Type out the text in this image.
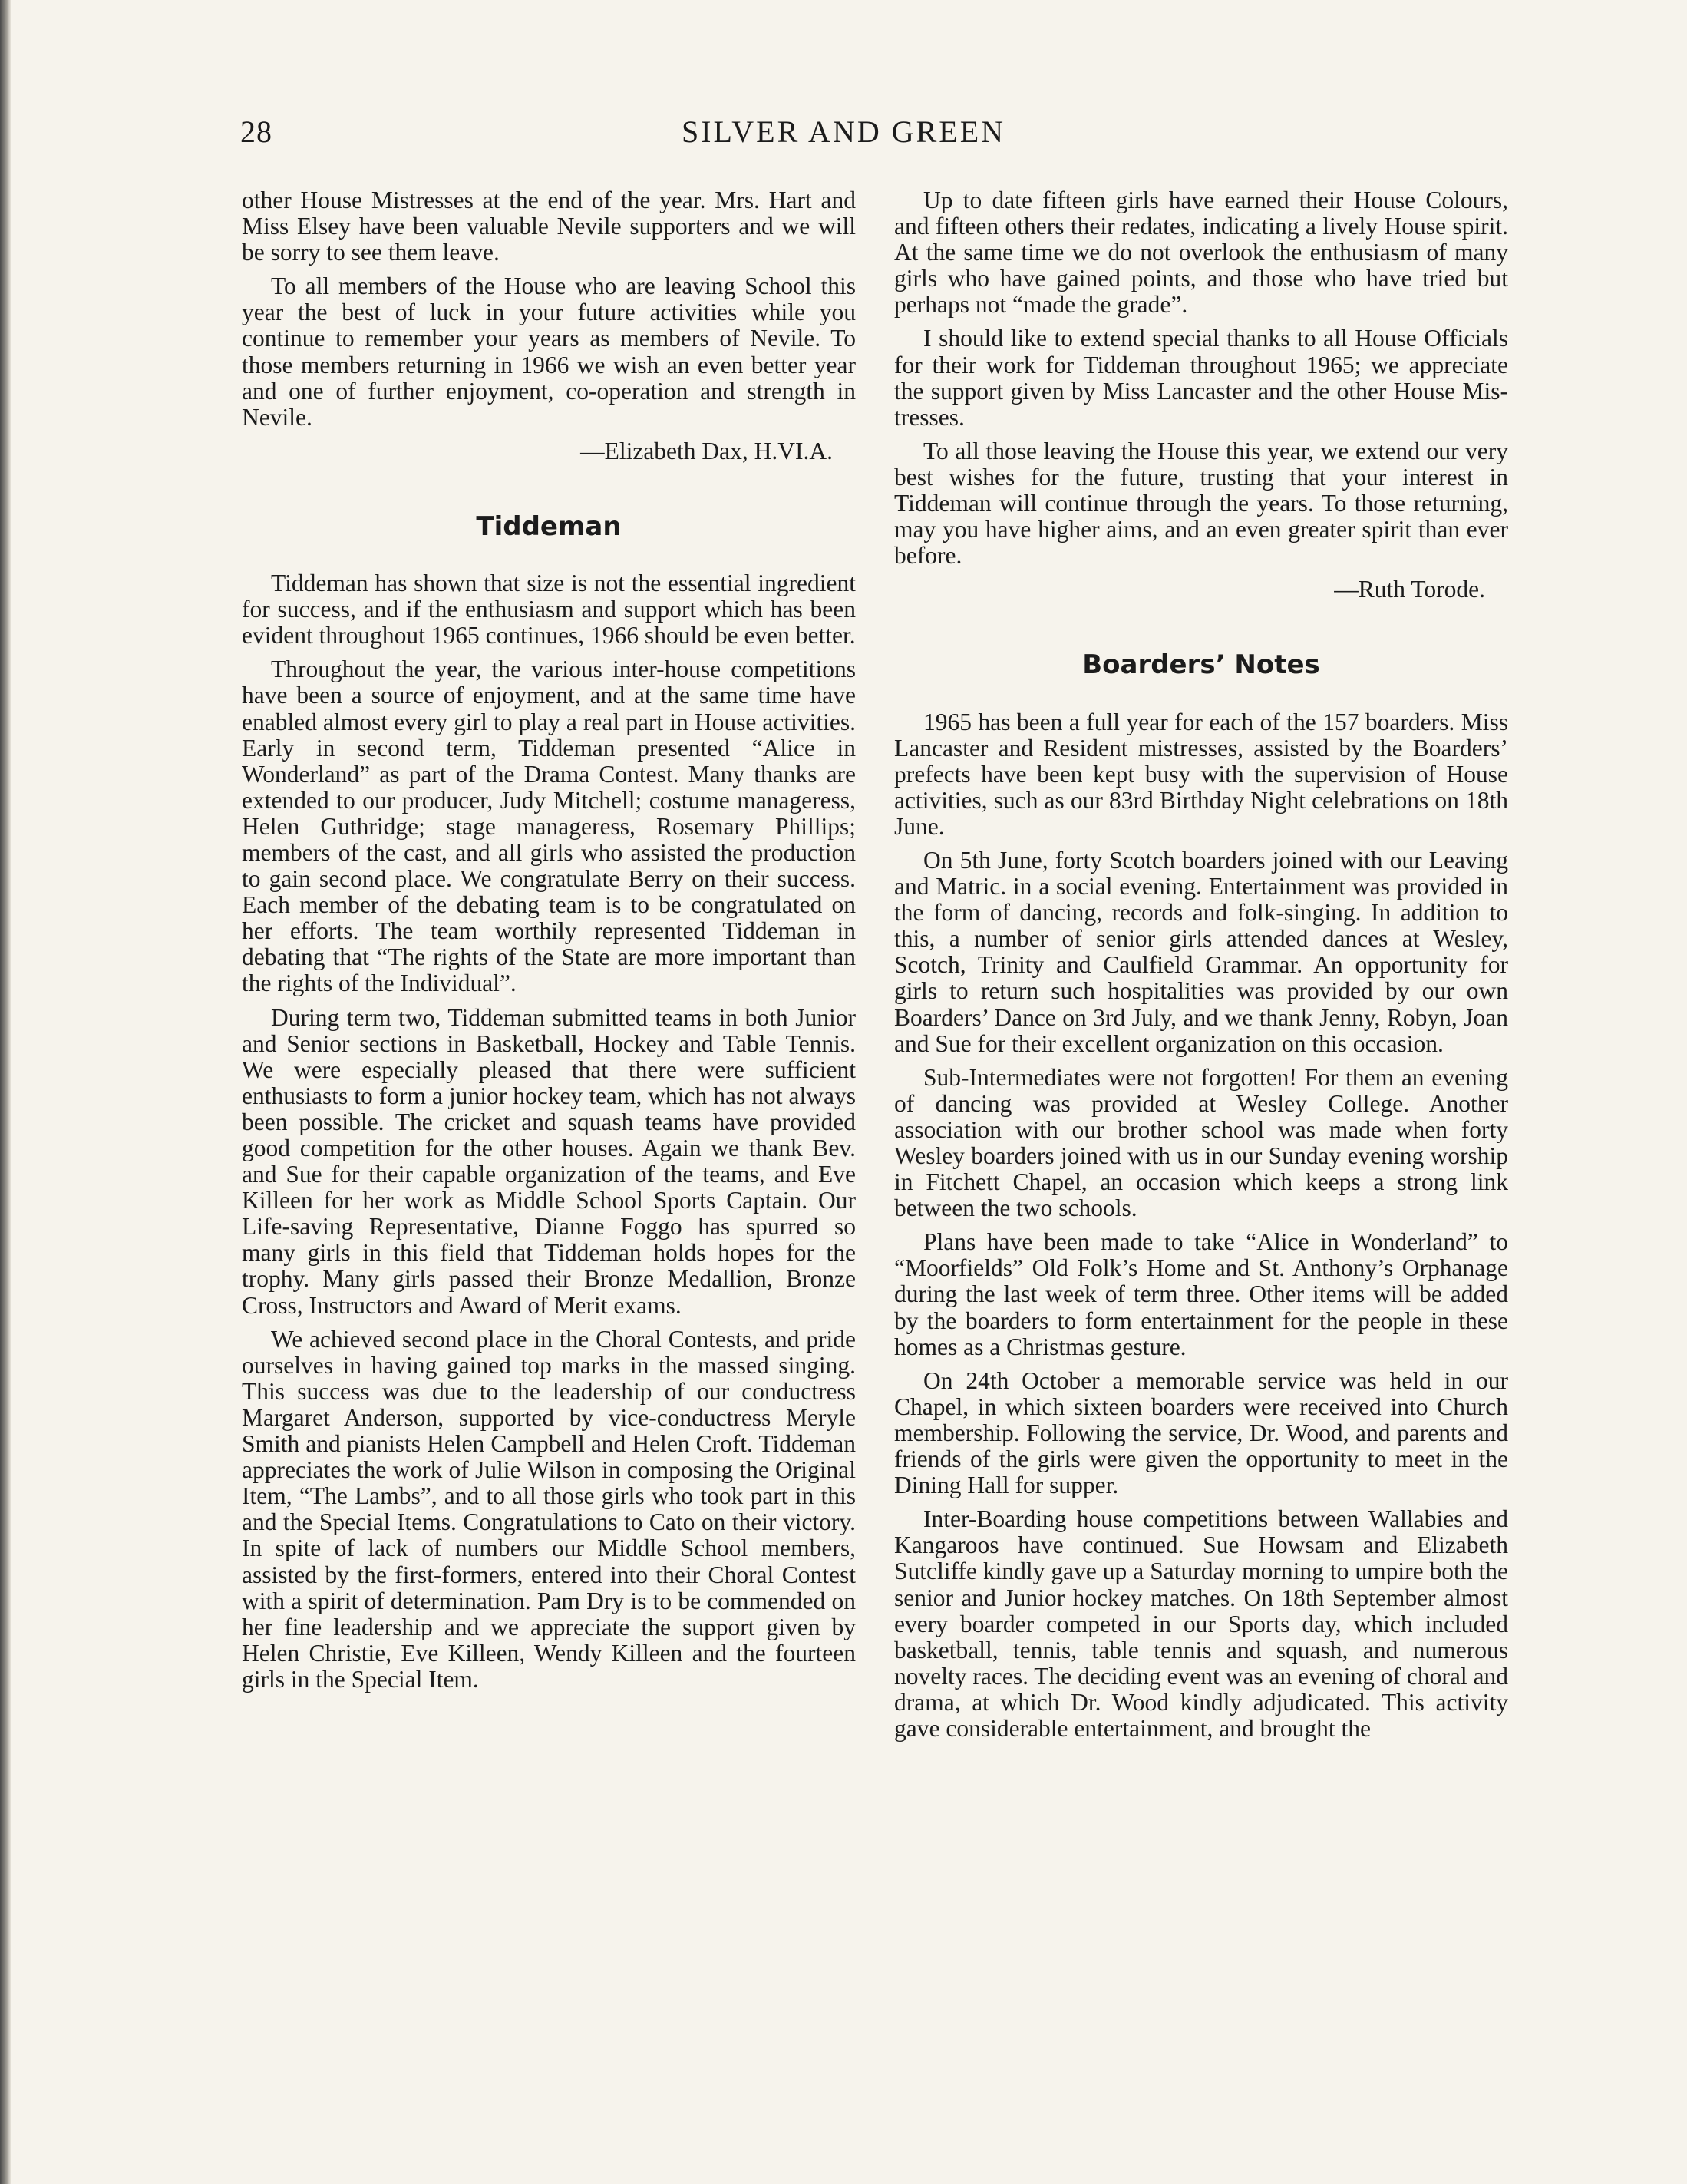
28	SILVER AND GREEN

other House Mistresses at the end of the year. Mrs. Hart and Miss Elsey have been valuable Nevile supporters and we will be sorry to see them leave.

To all members of the House who are leaving School this year the best of luck in your future activities while you continue to remember your years as members of Nevile. To those members returning in 1966 we wish an even better year and one of further enjoyment, co-operation and strength in Nevile.

—Elizabeth Dax, H.VI.A.
Tiddeman

Tiddeman has shown that size is not the essential ingredient for success, and if the enthusiasm and support which has been evident throughout 1965 continues, 1966 should be even better.

Throughout the year, the various inter-house competitions have been a source of enjoyment, and at the same time have enabled almost every girl to play a real part in House activities. Early in second term, Tiddeman presented “Alice in Wonderland” as part of the Drama Contest. Many thanks are extended to our producer, Judy Mitchell; costume manageress, Helen Guthridge; stage manageress, Rosemary Phillips; members of the cast, and all girls who assisted the production to gain second place. We congratulate Berry on their success. Each member of the debating team is to be congratulated on her efforts. The team worthily represented Tiddeman in debating that “The rights of the State are more important than the rights of the Individual”.

During term two, Tiddeman submitted teams in both Junior and Senior sections in Basketball, Hockey and Table Tennis. We were especially pleased that there were sufficient enthusiasts to form a junior hockey team, which has not always been possible. The cricket and squash teams have provided good competition for the other houses. Again we thank Bev. and Sue for their capable organization of the teams, and Eve Killeen for her work as Middle School Sports Captain. Our Life-saving Representative, Dianne Foggo has spurred so many girls in this field that Tiddeman holds hopes for the trophy. Many girls passed their Bronze Medallion, Bronze Cross, Instructors and Award of Merit exams.

We achieved second place in the Choral Contests, and pride ourselves in having gained top marks in the massed singing. This success was due to the leadership of our conductress Margaret Anderson, supported by vice-conductress Meryle Smith and pianists Helen Campbell and Helen Croft. Tiddeman appreciates the work of Julie Wilson in composing the Original Item, “The Lambs”, and to all those girls who took part in this and the Special Items. Congratulations to Cato on their victory. In spite of lack of numbers our Middle School members, assisted by the first-formers, entered into their Choral Contest with a spirit of determination. Pam Dry is to be commended on her fine leadership and we appreciate the support given by Helen Christie, Eve Killeen, Wendy Killeen and the fourteen girls in the Special Item.

Up to date fifteen girls have earned their House Colours, and fifteen others their redates, indicating a lively House spirit. At the same time we do not overlook the enthusiasm of many girls who have gained points, and those who have tried but perhaps not “made the grade”.

I should like to extend special thanks to all House Officials for their work for Tiddeman throughout 1965; we appreciate the support given by Miss Lancaster and the other House Mistresses.

To all those leaving the House this year, we extend our very best wishes for the future, trusting that your interest in Tiddeman will continue through the years. To those returning, may you have higher aims, and an even greater spirit than ever before.

—Ruth Torode.
Boarders’ Notes

1965 has been a full year for each of the 157 boarders. Miss Lancaster and Resident mistresses, assisted by the Boarders’ prefects have been kept busy with the supervision of House activities, such as our 83rd Birthday Night celebrations on 18th June.

On 5th June, forty Scotch boarders joined with our Leaving and Matric. in a social evening. Entertainment was provided in the form of dancing, records and folk-singing. In addition to this, a number of senior girls attended dances at Wesley, Scotch, Trinity and Caulfield Grammar. An opportunity for girls to return such hospitalities was provided by our own Boarders’ Dance on 3rd July, and we thank Jenny, Robyn, Joan and Sue for their excellent organization on this occasion.

Sub-Intermediates were not forgotten! For them an evening of dancing was provided at Wesley College. Another association with our brother school was made when forty Wesley boarders joined with us in our Sunday evening worship in Fitchett Chapel, an occasion which keeps a strong link between the two schools.

Plans have been made to take “Alice in Wonderland” to “Moorfields” Old Folk’s Home and St. Anthony’s Orphanage during the last week of term three. Other items will be added by the boarders to form entertainment for the people in these homes as a Christmas gesture.

On 24th October a memorable service was held in our Chapel, in which sixteen boarders were received into Church membership. Following the service, Dr. Wood, and parents and friends of the girls were given the opportunity to meet in the Dining Hall for supper.

Inter-Boarding house competitions between Wallabies and Kangaroos have continued. Sue Howsam and Elizabeth Sutcliffe kindly gave up a Saturday morning to umpire both the senior and Junior hockey matches. On 18th September almost every boarder competed in our Sports day, which included basketball, tennis, table tennis and squash, and numerous novelty races. The deciding event was an evening of choral and drama, at which Dr. Wood kindly adjudicated. This activity gave considerable entertainment, and brought the
